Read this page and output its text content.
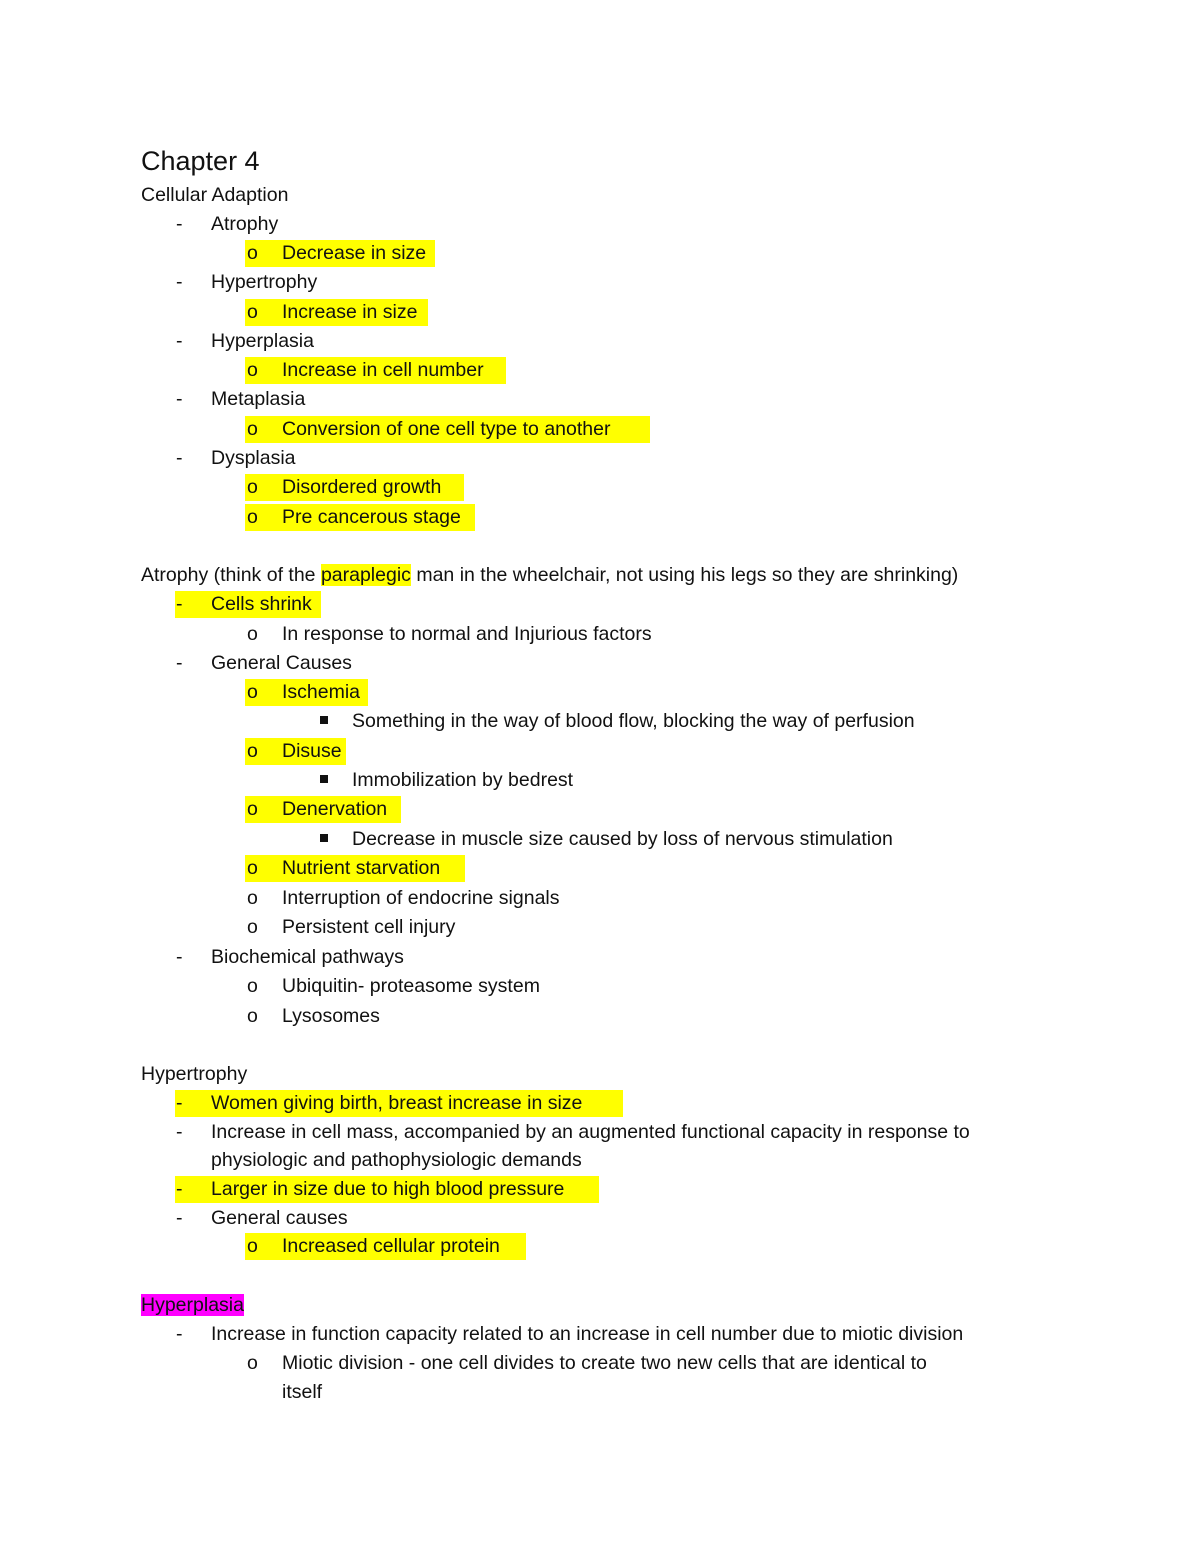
Chapter 4
Cellular Adaption
- Atrophy
o Decrease in size
- Hypertrophy
o Increase in size
- Hyperplasia
o Increase in cell number
- Metaplasia
o Conversion of one cell type to another
- Dysplasia
o Disordered growth
o Pre cancerous stage
Atrophy (think of the paraplegic man in the wheelchair, not using his legs so they are shrinking)
- Cells shrink
o In response to normal and Injurious factors
- General Causes
o Ischemia
Something in the way of blood flow, blocking the way of perfusion
o Disuse
Immobilization by bedrest
o Denervation
Decrease in muscle size caused by loss of nervous stimulation
o Nutrient starvation
o Interruption of endocrine signals
o Persistent cell injury
- Biochemical pathways
o Ubiquitin- proteasome system
o Lysosomes
Hypertrophy
- Women giving birth, breast increase in size
- Increase in cell mass, accompanied by an augmented functional capacity in response to
physiologic and pathophysiologic demands
- Larger in size due to high blood pressure
- General causes
o Increased cellular protein
Hyperplasia
- Increase in function capacity related to an increase in cell number due to miotic division
o Miotic division - one cell divides to create two new cells that are identical to
itself
